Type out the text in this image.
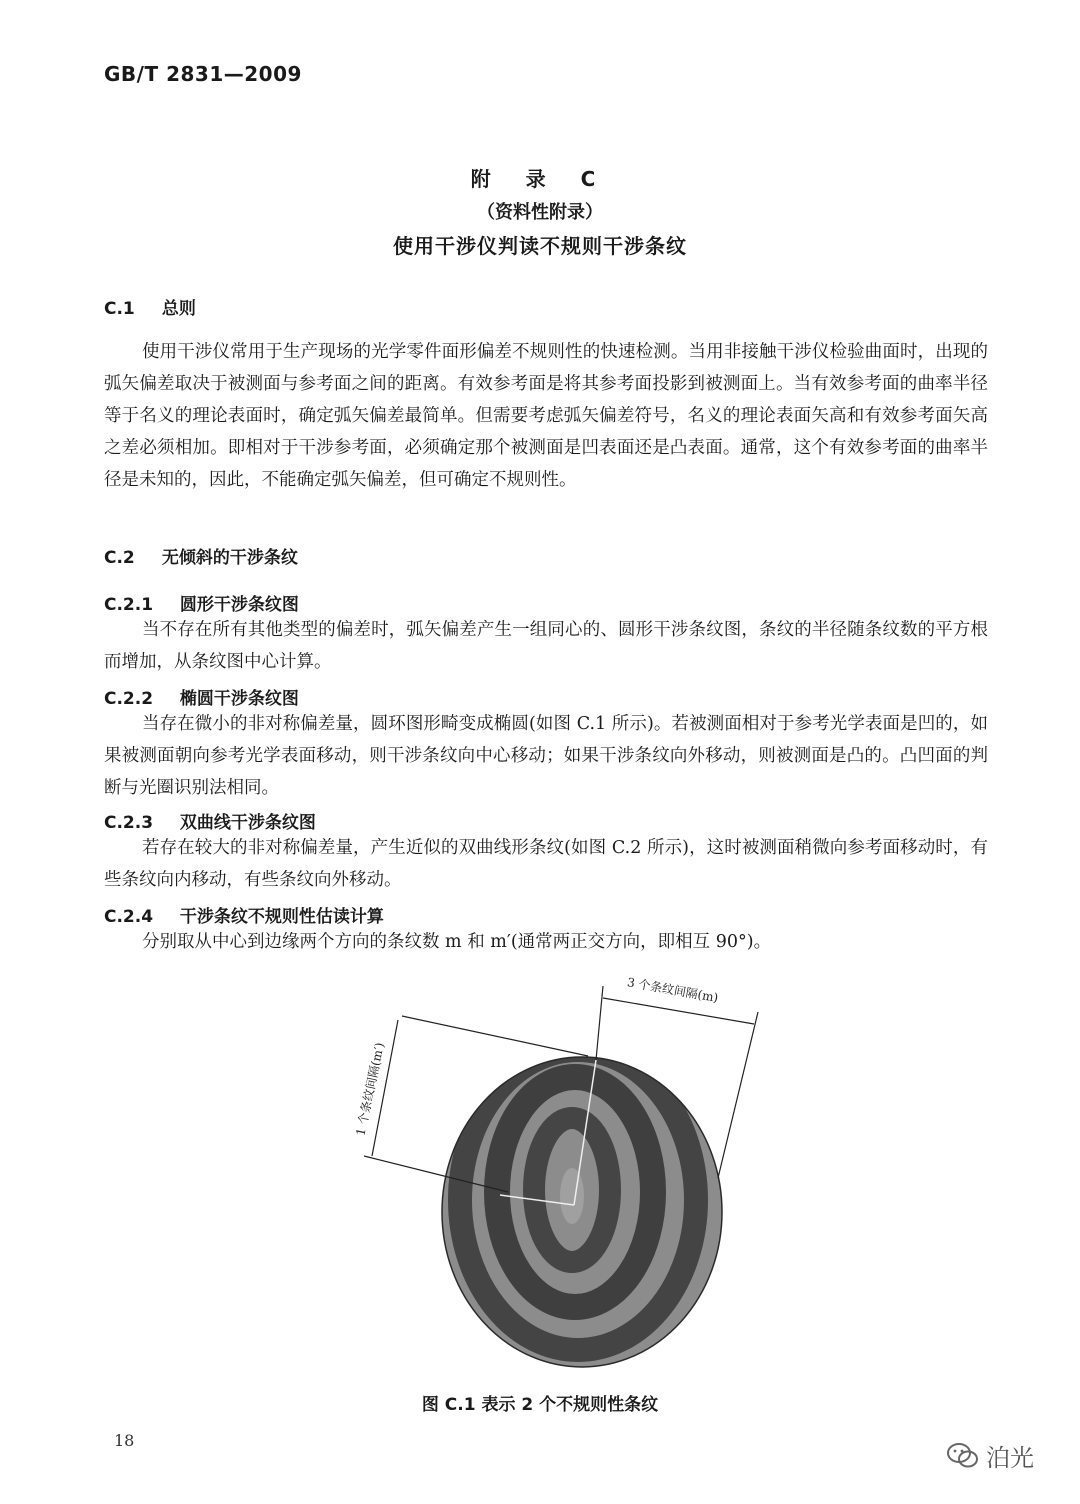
GB/T 2831—2009
附 录 C
（资料性附录）
使用干涉仪判读不规则干涉条纹
C.1 总则
使用干涉仪常用于生产现场的光学零件面形偏差不规则性的快速检测。当用非接触干涉仪检验曲面时，出现的弧矢偏差取决于被测面与参考面之间的距离。有效参考面是将其参考面投影到被测面上。当有效参考面的曲率半径等于名义的理论表面时，确定弧矢偏差最简单。但需要考虑弧矢偏差符号，名义的理论表面矢高和有效参考面矢高之差必须相加。即相对于干涉参考面，必须确定那个被测面是凹表面还是凸表面。通常，这个有效参考面的曲率半径是未知的，因此，不能确定弧矢偏差，但可确定不规则性。
C.2 无倾斜的干涉条纹
C.2.1 圆形干涉条纹图
当不存在所有其他类型的偏差时，弧矢偏差产生一组同心的、圆形干涉条纹图，条纹的半径随条纹数的平方根而增加，从条纹图中心计算。
C.2.2 椭圆干涉条纹图
当存在微小的非对称偏差量，圆环图形畸变成椭圆(如图 C.1 所示)。若被测面相对于参考光学表面是凹的，如果被测面朝向参考光学表面移动，则干涉条纹向中心移动；如果干涉条纹向外移动，则被测面是凸的。凸凹面的判断与光圈识别法相同。
C.2.3 双曲线干涉条纹图
若存在较大的非对称偏差量，产生近似的双曲线形条纹(如图 C.2 所示)，这时被测面稍微向参考面移动时，有些条纹向内移动，有些条纹向外移动。
C.2.4 干涉条纹不规则性估读计算
分别取从中心到边缘两个方向的条纹数 m 和 m′(通常两正交方向，即相互 90°)。
3 个条纹间隔(m)
1 个条纹间隔(m′)
图 C.1 表示 2 个不规则性条纹
18
泊光
